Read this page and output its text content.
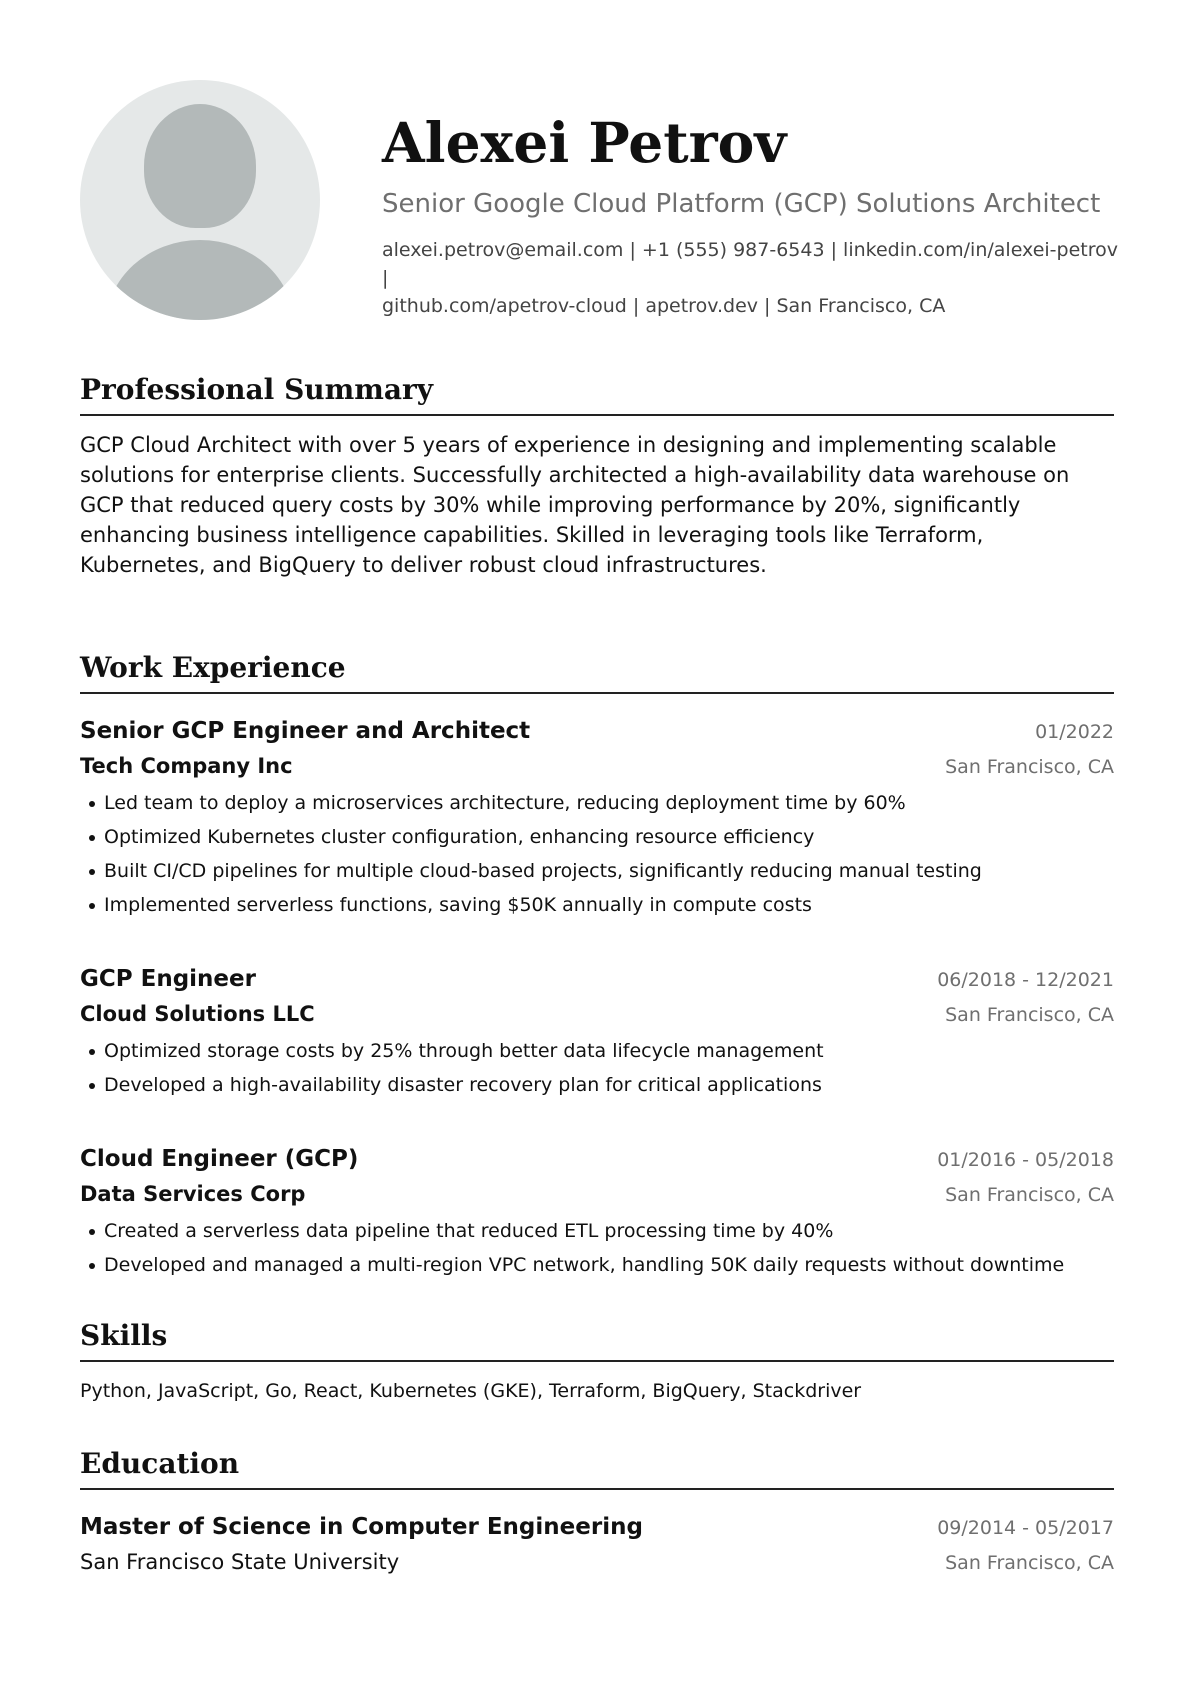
Alexei Petrov
Senior Google Cloud Platform (GCP) Solutions Architect
alexei.petrov@email.com | +1 (555) 987-6543 | linkedin.com/in/alexei-petrov |
github.com/apetrov-cloud | apetrov.dev | San Francisco, CA
Professional Summary
GCP Cloud Architect with over 5 years of experience in designing and implementing scalable solutions for enterprise clients. Successfully architected a high-availability data warehouse on GCP that reduced query costs by 30% while improving performance by 20%, significantly enhancing business intelligence capabilities. Skilled in leveraging tools like Terraform, Kubernetes, and BigQuery to deliver robust cloud infrastructures.
Work Experience
Senior GCP Engineer and Architect	01/2022
Tech Company Inc	San Francisco, CA
Led team to deploy a microservices architecture, reducing deployment time by 60%
Optimized Kubernetes cluster configuration, enhancing resource efficiency
Built CI/CD pipelines for multiple cloud-based projects, significantly reducing manual testing
Implemented serverless functions, saving $50K annually in compute costs
GCP Engineer	06/2018 - 12/2021
Cloud Solutions LLC	San Francisco, CA
Optimized storage costs by 25% through better data lifecycle management
Developed a high-availability disaster recovery plan for critical applications
Cloud Engineer (GCP)	01/2016 - 05/2018
Data Services Corp	San Francisco, CA
Created a serverless data pipeline that reduced ETL processing time by 40%
Developed and managed a multi-region VPC network, handling 50K daily requests without downtime
Skills
Python, JavaScript, Go, React, Kubernetes (GKE), Terraform, BigQuery, Stackdriver
Education
Master of Science in Computer Engineering	09/2014 - 05/2017
San Francisco State University	San Francisco, CA
